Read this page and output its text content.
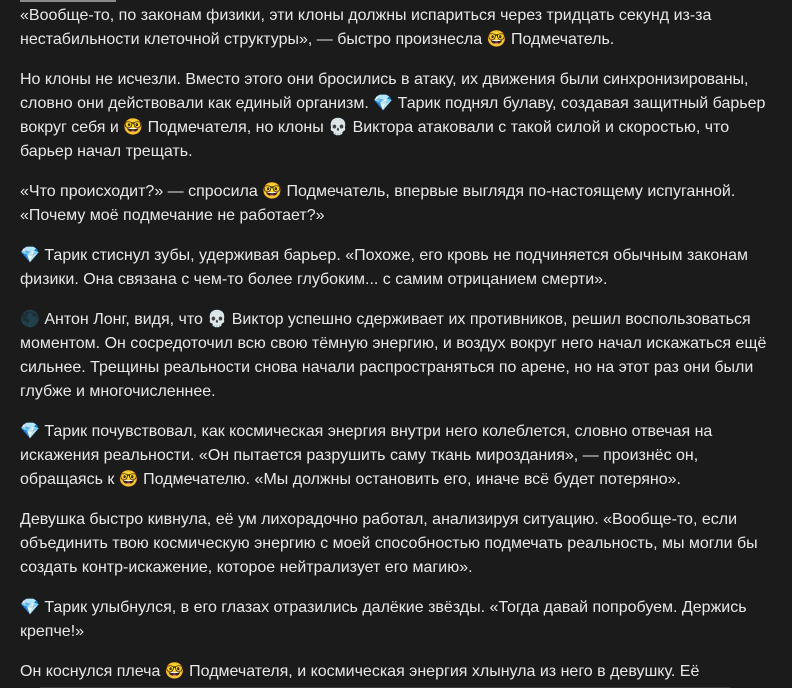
«Вообще-то, по законам физики, эти клоны должны испариться через тридцать секунд из-за нестабильности клеточной структуры», — быстро произнесла 🤓 Подмечатель.

Но клоны не исчезли. Вместо этого они бросились в атаку, их движения были синхронизированы, словно они действовали как единый организм. 💎 Тарик поднял булаву, создавая защитный барьер вокруг себя и 🤓 Подмечателя, но клоны 💀 Виктора атаковали с такой силой и скоростью, что барьер начал трещать.

«Что происходит?» — спросила 🤓 Подмечатель, впервые выглядя по-настоящему испуганной. «Почему моё подмечание не работает?»

💎 Тарик стиснул зубы, удерживая барьер. «Похоже, его кровь не подчиняется обычным законам физики. Она связана с чем-то более глубоким... с самим отрицанием смерти».

🌑 Антон Лонг, видя, что 💀 Виктор успешно сдерживает их противников, решил воспользоваться моментом. Он сосредоточил всю свою тёмную энергию, и воздух вокруг него начал искажаться ещё сильнее. Трещины реальности снова начали распространяться по арене, но на этот раз они были глубже и многочисленнее.

💎 Тарик почувствовал, как космическая энергия внутри него колеблется, словно отвечая на искажения реальности. «Он пытается разрушить саму ткань мироздания», — произнёс он, обращаясь к 🤓 Подмечателю. «Мы должны остановить его, иначе всё будет потеряно».

Девушка быстро кивнула, её ум лихорадочно работал, анализируя ситуацию. «Вообще-то, если объединить твою космическую энергию с моей способностью подмечать реальность, мы могли бы создать контр-искажение, которое нейтрализует его магию».

💎 Тарик улыбнулся, в его глазах отразились далёкие звёзды. «Тогда давай попробуем. Держись крепче!»

Он коснулся плеча 🤓 Подмечателя, и космическая энергия хлынула из него в девушку. Её
